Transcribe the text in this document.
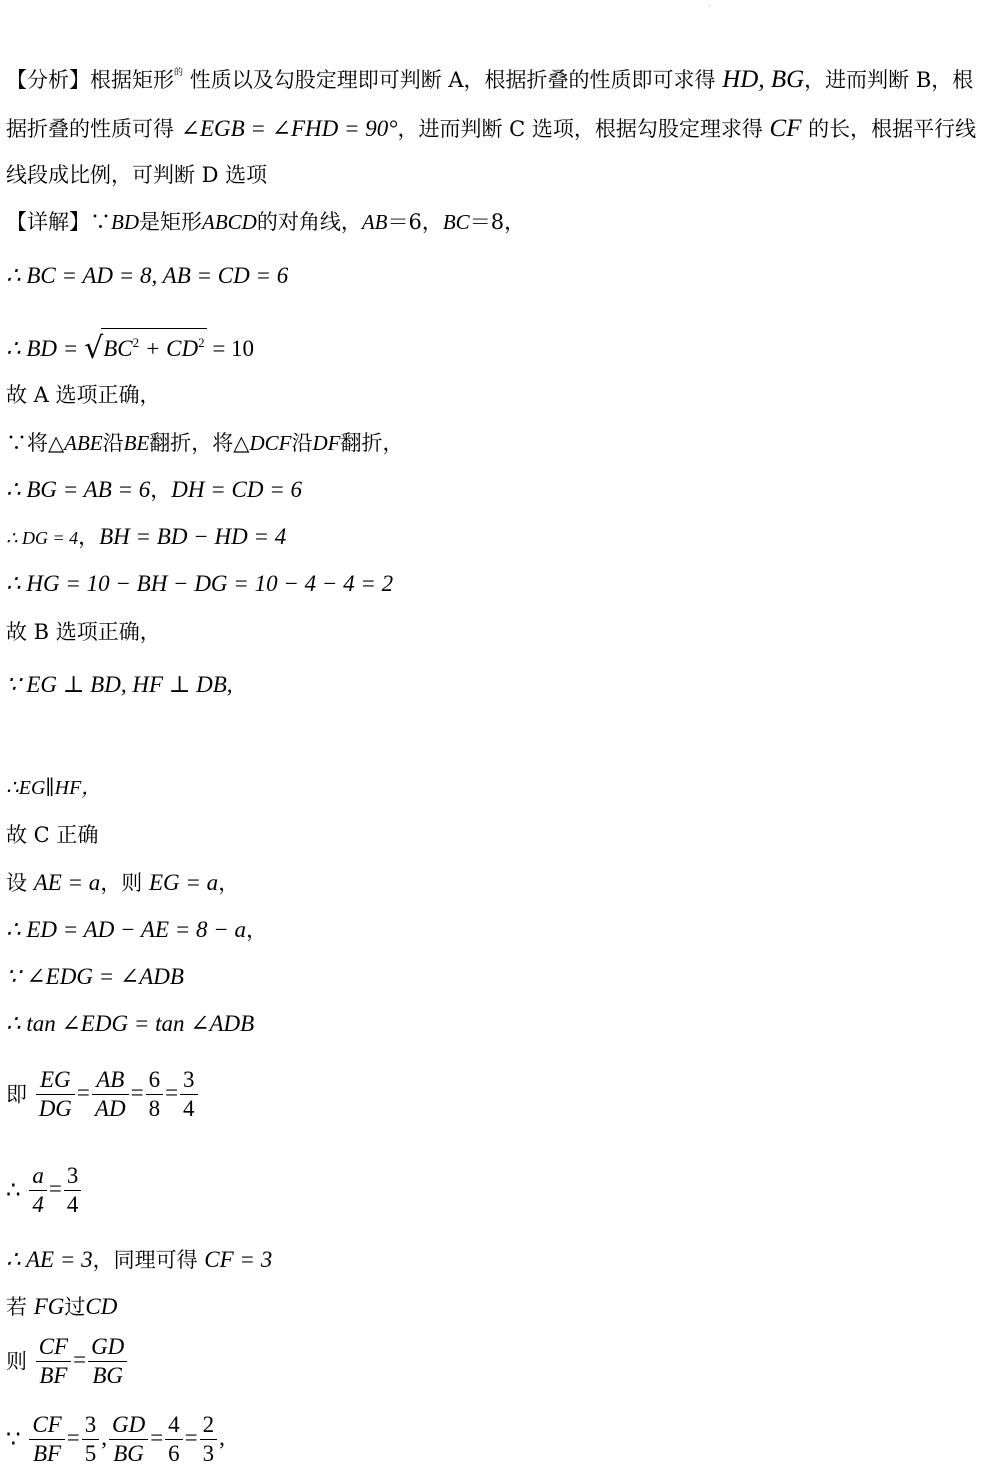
·
【分析】根据矩形$^的$ 性质以及勾股定理即可判断 A，根据折叠的性质即可求得 HD, BG，进而判断 B，根
据折叠的性质可得 ∠EGB = ∠FHD = 90°，进而判断 C 选项，根据勾股定理求得 CF 的长，根据平行线
线段成比例，可判断 D 选项
【详解】∵BD是矩形ABCD的对角线，AB＝6，BC＝8，
∴ BC = AD = 8, AB = CD = 6
∴ BD = $√BC^2 + CD^2 = 10$
故 A 选项正确，
∵将△ABE沿BE翻折，将△DCF沿DF翻折，
∴ BG = AB = 6，DH = CD = 6
∴ DG = 4，BH = BD − HD = 4
∴ HG = 10 − BH − DG = 10 − 4 − 4 = 2
故 B 选项正确，
∵ EG ⊥ BD, HF ⊥ DB,
∴EG∥HF，
故 C 正确
设 AE = a，则 EG = a，
∴ ED = AD − AE = 8 − a，
∵ ∠EDG = ∠ADB
∴ tan ∠EDG = tan ∠ADB
即 $\frac{EG}{DG} = \frac{AB}{AD} = \frac{6}{8} = \frac{3}{4}$
∴ $\frac{a}{4} = \frac{3}{4}$
∴ AE = 3，同理可得 CF = 3
若 FG过CD
则 $\frac{CF}{BF} = \frac{GD}{BG}$
∵ $\frac{CF}{BF} = \frac{3}{5}$ , $\frac{GD}{BG} = \frac{4}{6} = \frac{2}{3}$ ,
